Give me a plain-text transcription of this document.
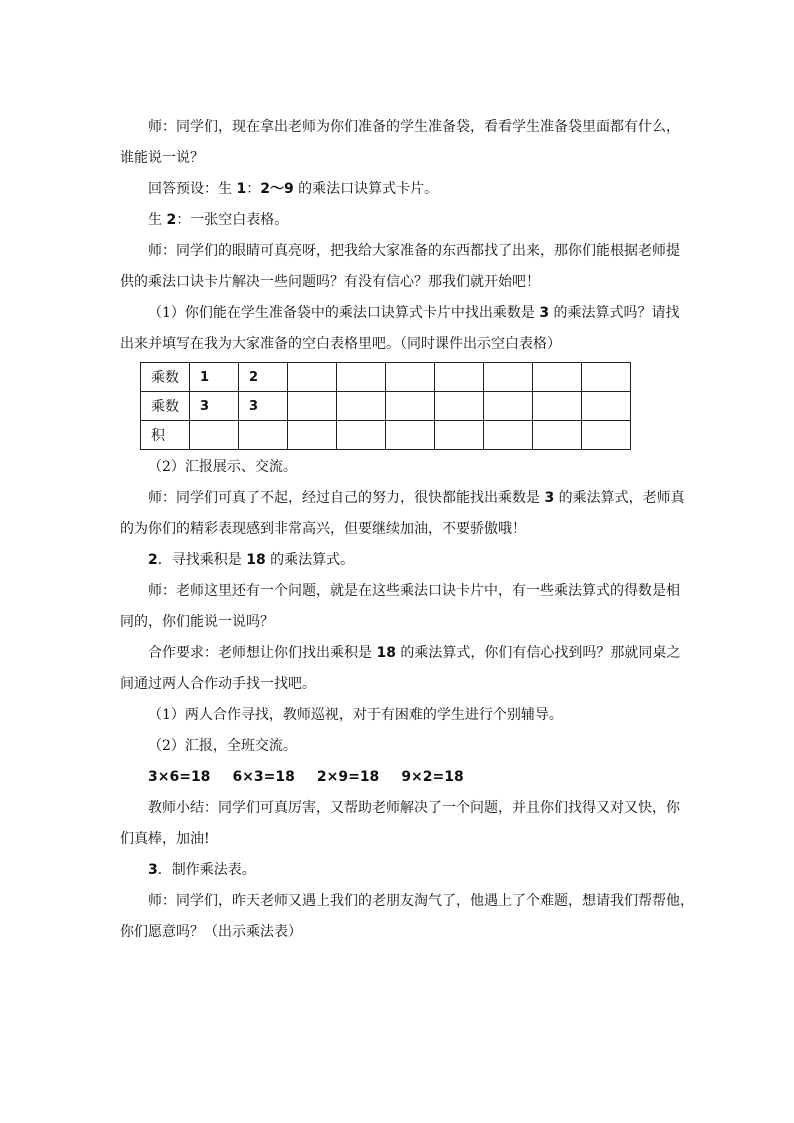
师：同学们，现在拿出老师为你们准备的学生准备袋，看看学生准备袋里面都有什么，

谁能说一说？

回答预设：生 1：2～9 的乘法口诀算式卡片。

生 2：一张空白表格。

师：同学们的眼睛可真亮呀，把我给大家准备的东西都找了出来，那你们能根据老师提

供的乘法口诀卡片解决一些问题吗？有没有信心？那我们就开始吧！

（1）你们能在学生准备袋中的乘法口诀算式卡片中找出乘数是 3 的乘法算式吗？请找

出来并填写在我为大家准备的空白表格里吧。（同时课件出示空白表格）

乘数	1	2							
乘数	3	3							
积									

（2）汇报展示、交流。

师：同学们可真了不起，经过自己的努力，很快都能找出乘数是 3 的乘法算式，老师真

的为你们的精彩表现感到非常高兴，但要继续加油，不要骄傲哦！

2．寻找乘积是 18 的乘法算式。

师：老师这里还有一个问题，就是在这些乘法口诀卡片中，有一些乘法算式的得数是相

同的，你们能说一说吗？

合作要求：老师想让你们找出乘积是 18 的乘法算式，你们有信心找到吗？那就同桌之

间通过两人合作动手找一找吧。

（1）两人合作寻找，教师巡视，对于有困难的学生进行个别辅导。

（2）汇报，全班交流。

3×6=18 6×3=18 2×9=18 9×2=18

教师小结：同学们可真厉害，又帮助老师解决了一个问题，并且你们找得又对又快，你

们真棒，加油!

3．制作乘法表。

师：同学们，昨天老师又遇上我们的老朋友淘气了，他遇上了个难题，想请我们帮帮他，

你们愿意吗？（出示乘法表）
